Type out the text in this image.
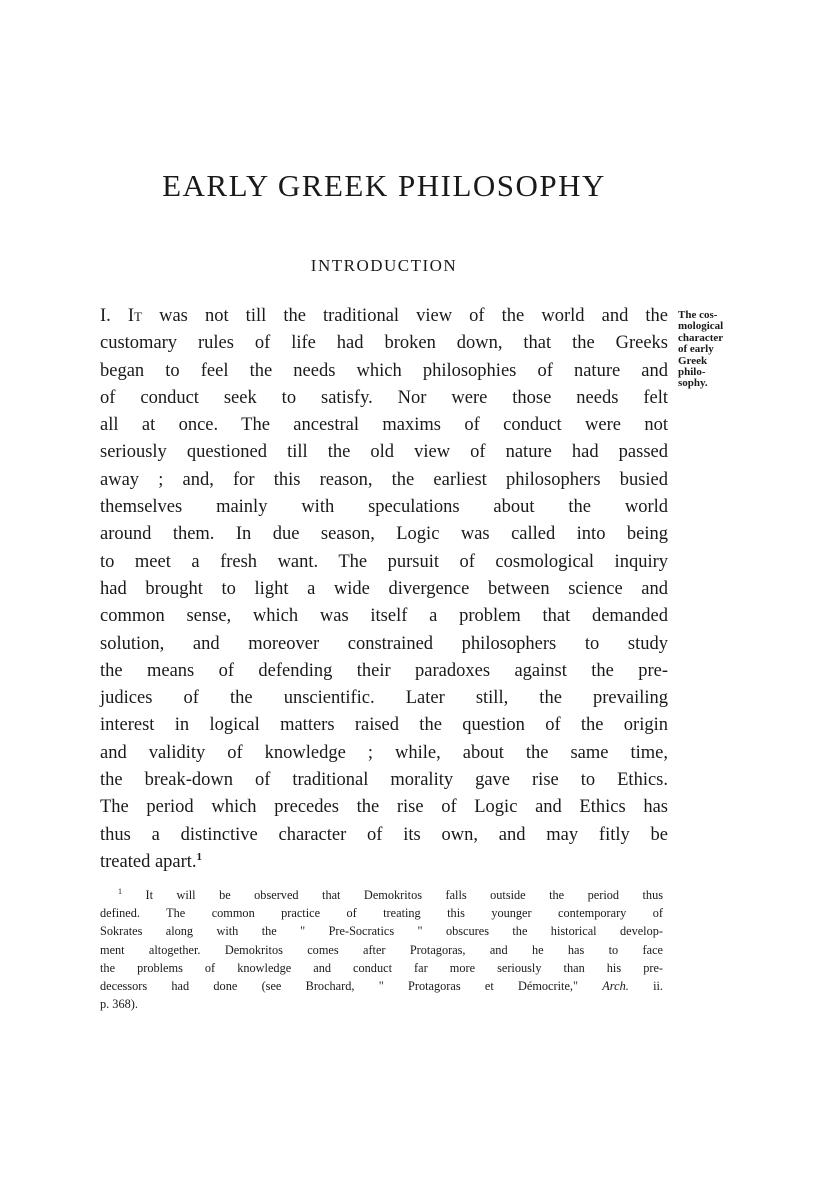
EARLY GREEK PHILOSOPHY
INTRODUCTION
I. It was not till the traditional view of the world and the
customary rules of life had broken down, that the Greeks
began to feel the needs which philosophies of nature and
of conduct seek to satisfy. Nor were those needs felt
all at once. The ancestral maxims of conduct were not
seriously questioned till the old view of nature had passed
away ; and, for this reason, the earliest philosophers busied
themselves mainly with speculations about the world
around them. In due season, Logic was called into being
to meet a fresh want. The pursuit of cosmological inquiry
had brought to light a wide divergence between science and
common sense, which was itself a problem that demanded
solution, and moreover constrained philosophers to study
the means of defending their paradoxes against the pre-
judices of the unscientific. Later still, the prevailing
interest in logical matters raised the question of the origin
and validity of knowledge ; while, about the same time,
the break-down of traditional morality gave rise to Ethics.
The period which precedes the rise of Logic and Ethics has
thus a distinctive character of its own, and may fitly be
treated apart.$^1$
The cos-
mological
character
of early
Greek
philo-
sophy.
$^1$ It will be observed that Demokritos falls outside the period thus
defined. The common practice of treating this younger contemporary of
Sokrates along with the " Pre-Socratics " obscures the historical develop-
ment altogether. Demokritos comes after Protagoras, and he has to face
the problems of knowledge and conduct far more seriously than his pre-
decessors had done (see Brochard, " Protagoras et Démocrite," Arch. ii.
p. 368).
